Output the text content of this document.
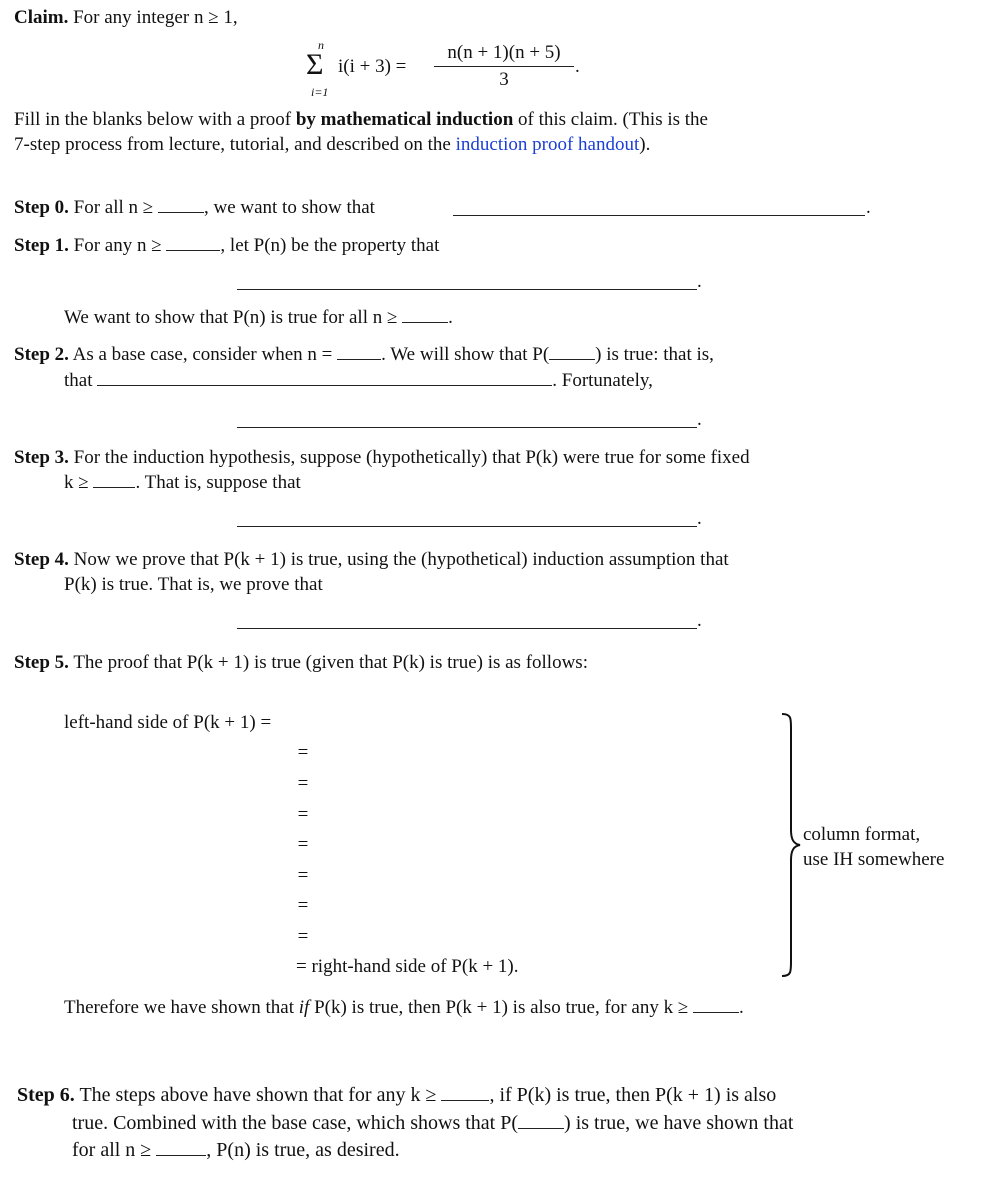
Claim. For any integer n ≥ 1,
n
Σ
i=1
i(i + 3) =
n(n + 1)(n + 5)
3
.
Fill in the blanks below with a proof by mathematical induction of this claim. (This is the
7-step process from lecture, tutorial, and described on the induction proof handout).
Step 0. For all n ≥	, we want to show that	.
Step 1. For any n ≥	, let P(n) be the property that
.
We want to show that P(n) is true for all n ≥	.
Step 2. As a base case, consider when n =	. We will show that P( ) is true: that is,
that	. Fortunately,
.
Step 3. For the induction hypothesis, suppose (hypothetically) that P(k) were true for some fixed
k ≥ . That is, suppose that
.
Step 4. Now we prove that P(k + 1) is true, using the (hypothetical) induction assumption that
P(k) is true. That is, we prove that
.
Step 5. The proof that P(k + 1) is true (given that P(k) is true) is as follows:
left-hand side of P(k + 1) =
=
=
=
=
=
=
=
= right-hand side of P(k + 1).
column format,
use IH somewhere
Therefore we have shown that if P(k) is true, then P(k + 1) is also true, for any k ≥	.
Step 6. The steps above have shown that for any k ≥	, if P(k) is true, then P(k + 1) is also
true. Combined with the base case, which shows that P( ) is true, we have shown that
for all n ≥	, P(n) is true, as desired.
